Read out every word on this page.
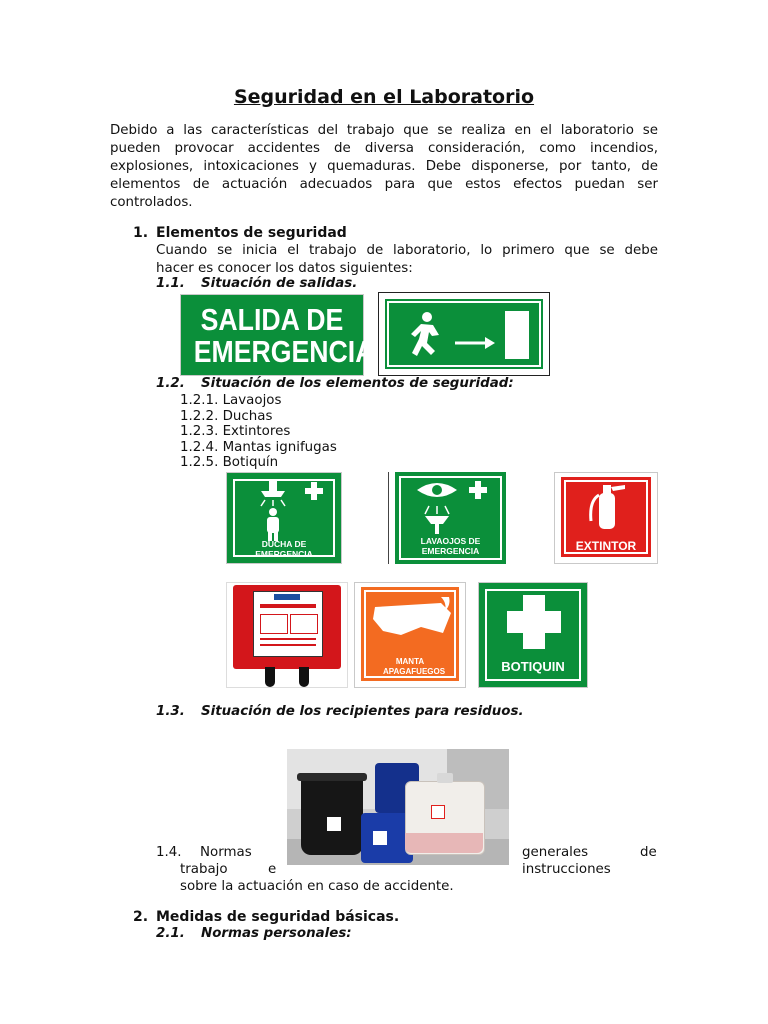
Seguridad en el Laboratorio
Debido a las características del trabajo que se realiza en el laboratorio se pueden provocar accidentes de diversa consideración, como incendios, explosiones, intoxicaciones y quemaduras. Debe disponerse, por tanto, de elementos de actuación adecuados para que estos efectos puedan ser controlados.
1. Elementos de seguridad
Cuando se inicia el trabajo de laboratorio, lo primero que se debe
hacer es conocer los datos siguientes:
1.1. Situación de salidas.
SALIDA DE
EMERGENCIA
1.2. Situación de los elementos de seguridad:
1.2.1. Lavaojos
1.2.2. Duchas
1.2.3. Extintores
1.2.4. Mantas ignifugas
1.2.5. Botiquín
DUCHA DE EMERGENCIA
LAVAOJOS DE EMERGENCIA	EXTINTOR
MANTA APAGAFUEGOS	BOTIQUIN
1.3. Situación de los recipientes para residuos.
1.4. Normas	generales	de
trabajo	e	instrucciones
sobre la actuación en caso de accidente.
2. Medidas de seguridad básicas.
2.1. Normas personales:
